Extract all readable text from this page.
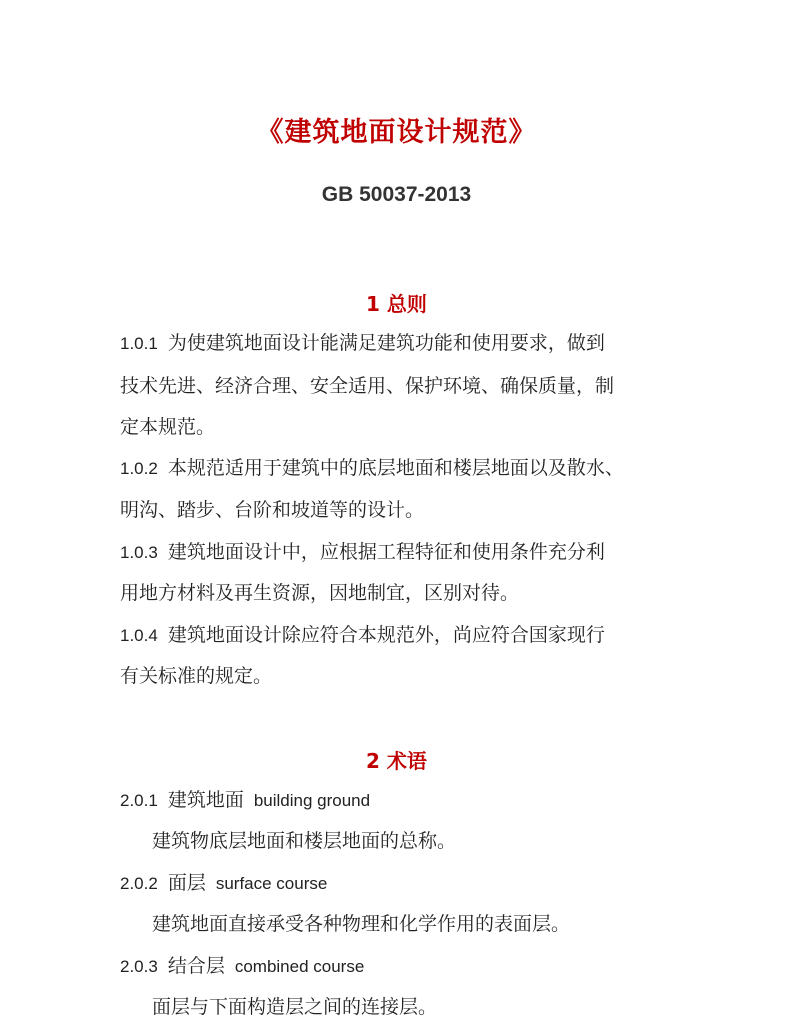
《建筑地面设计规范》
GB 50037-2013
1 总则
1.0.1 为使建筑地面设计能满足建筑功能和使用要求，做到
技术先进、经济合理、安全适用、保护环境、确保质量，制
定本规范。
1.0.2 本规范适用于建筑中的底层地面和楼层地面以及散水、
明沟、踏步、台阶和坡道等的设计。
1.0.3 建筑地面设计中，应根据工程特征和使用条件充分利
用地方材料及再生资源，因地制宜，区别对待。
1.0.4 建筑地面设计除应符合本规范外，尚应符合国家现行
有关标准的规定。
2 术语
2.0.1 建筑地面 building ground
建筑物底层地面和楼层地面的总称。
2.0.2 面层 surface course
建筑地面直接承受各种物理和化学作用的表面层。
2.0.3 结合层 combined course
面层与下面构造层之间的连接层。
